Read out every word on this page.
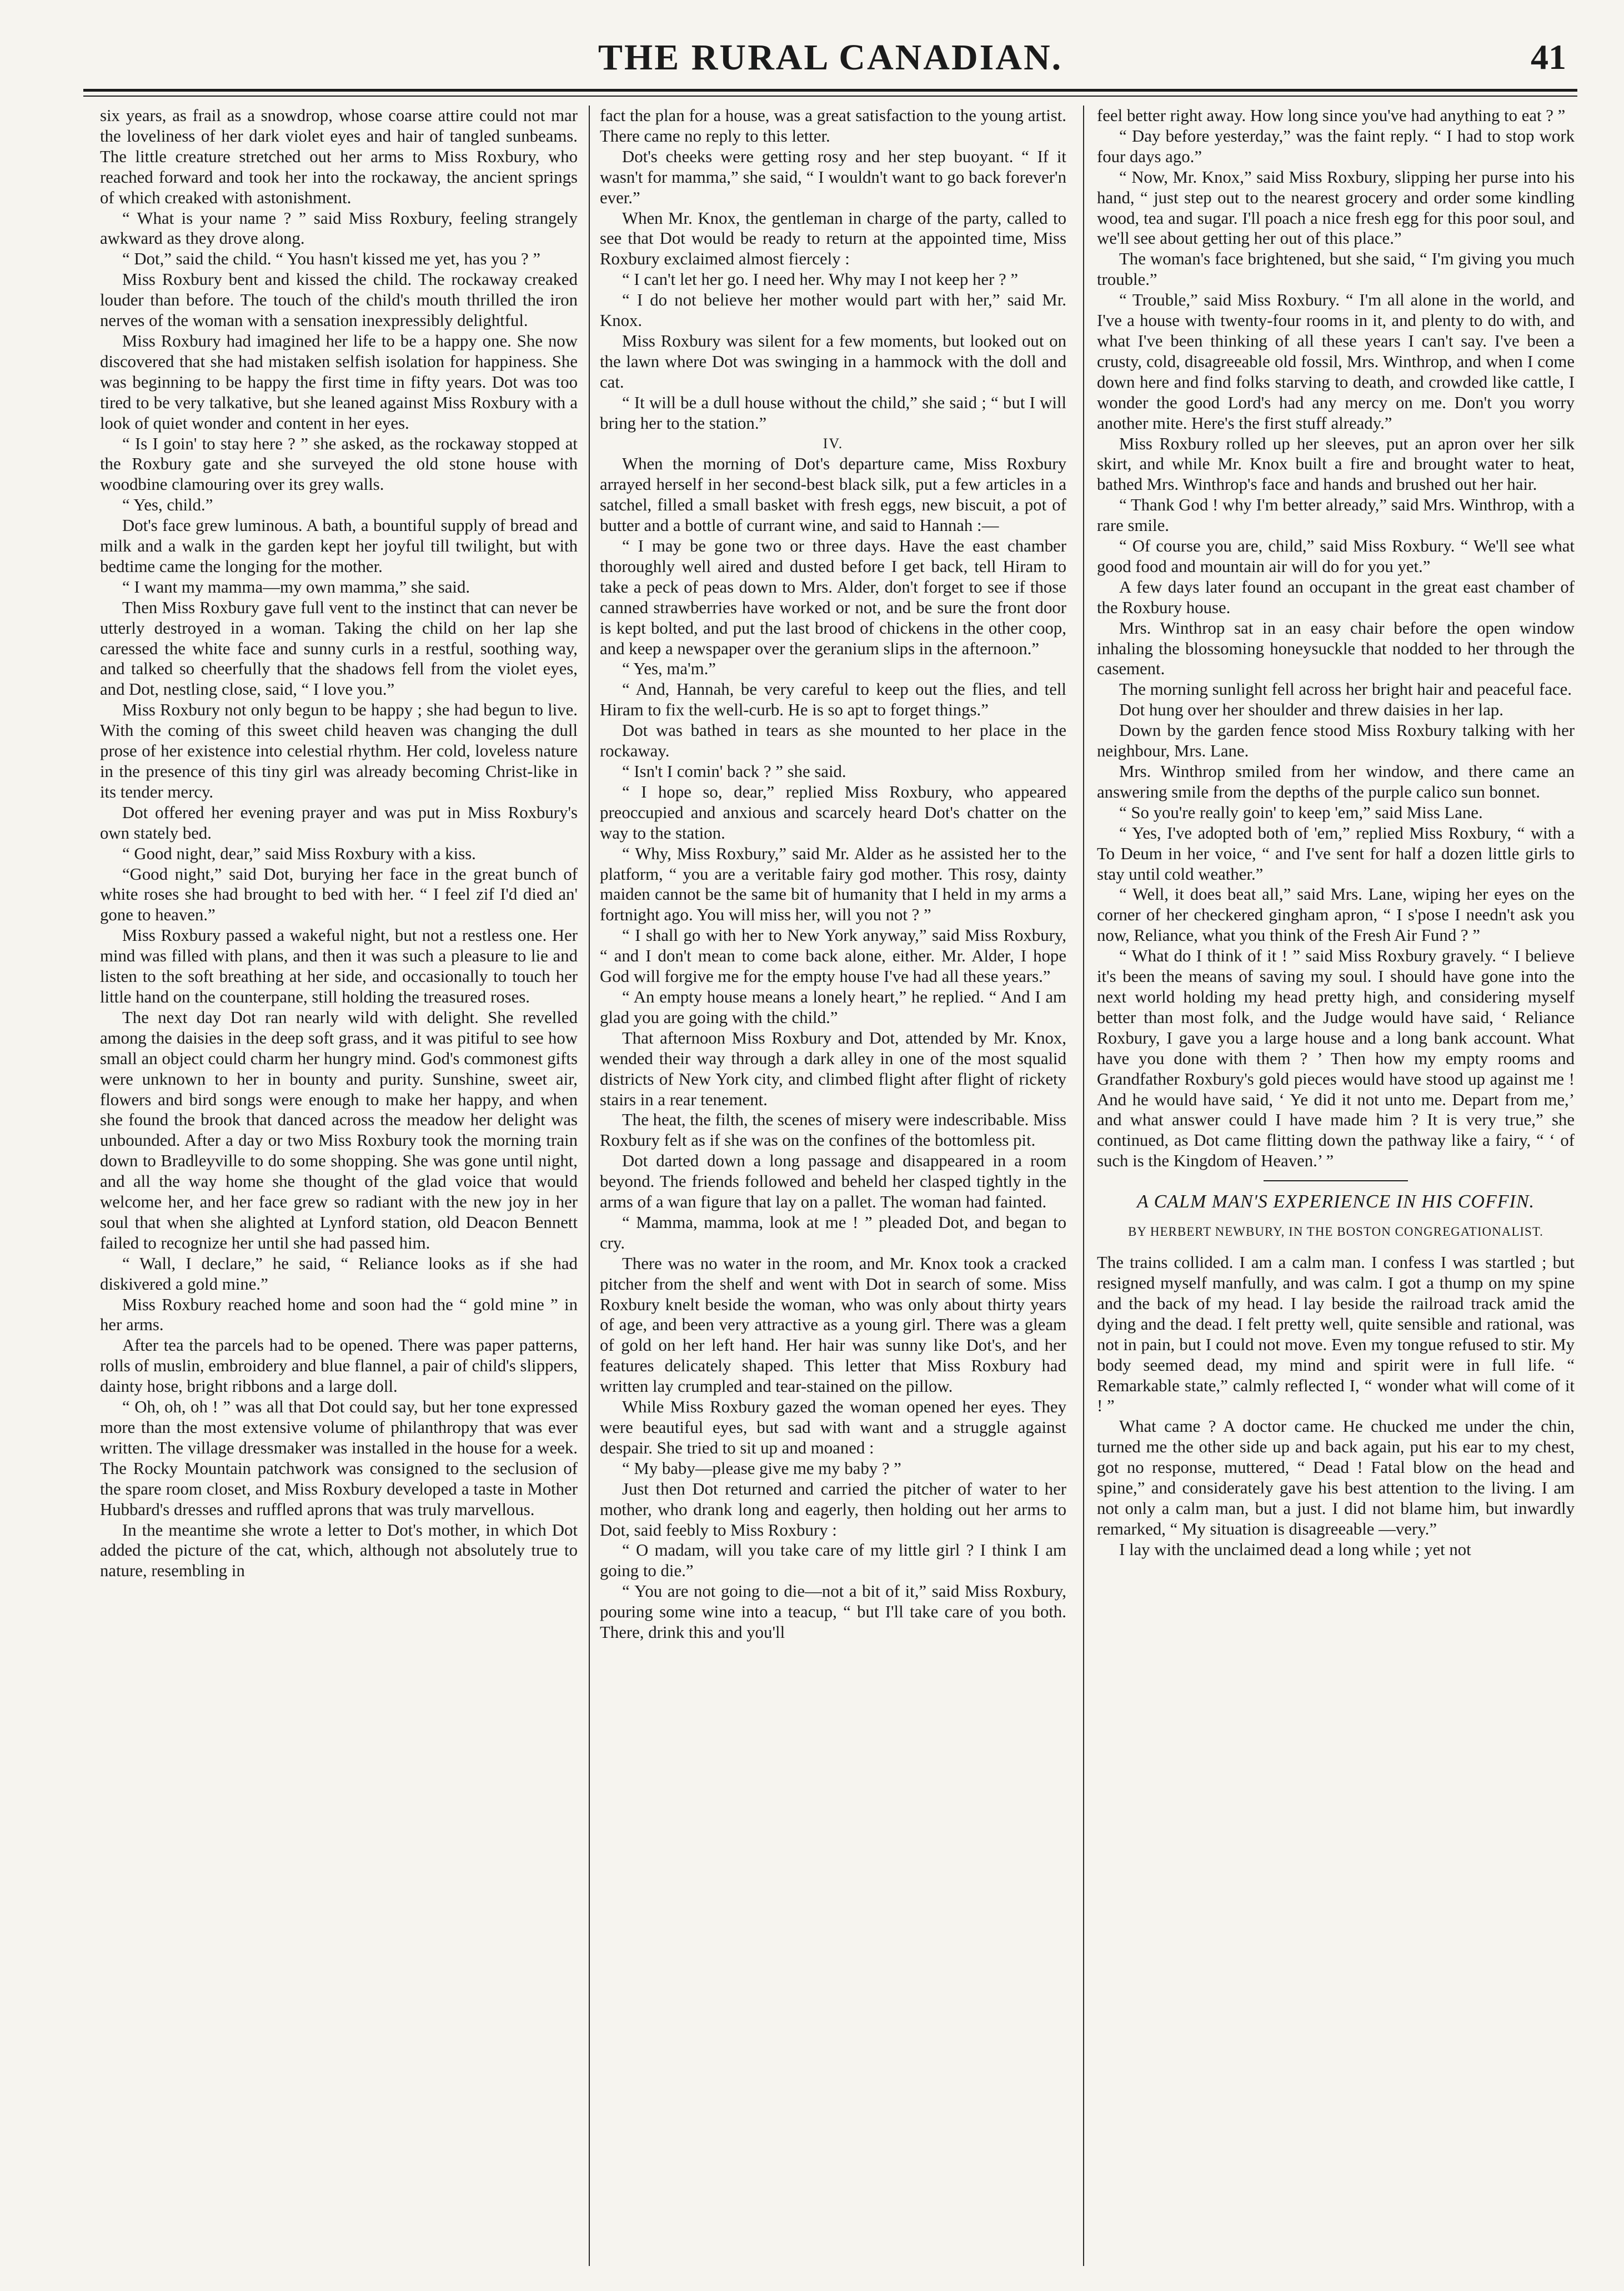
THE RURAL CANADIAN.	41

six years, as frail as a snowdrop, whose coarse attire could not mar the loveliness of her dark violet eyes and hair of tangled sunbeams. The little creature stretched out her arms to Miss Roxbury, who reached forward and took her into the rockaway, the ancient springs of which creaked with astonishment.

“ What is your name ? ” said Miss Roxbury, feeling strangely awkward as they drove along.

“ Dot,” said the child. “ You hasn't kissed me yet, has you ? ”

Miss Roxbury bent and kissed the child. The rockaway creaked louder than before. The touch of the child's mouth thrilled the iron nerves of the woman with a sensation inexpressibly delightful.

Miss Roxbury had imagined her life to be a happy one. She now discovered that she had mistaken selfish isolation for happiness. She was beginning to be happy the first time in fifty years. Dot was too tired to be very talkative, but she leaned against Miss Roxbury with a look of quiet wonder and content in her eyes.

“ Is I goin' to stay here ? ” she asked, as the rockaway stopped at the Roxbury gate and she surveyed the old stone house with woodbine clamouring over its grey walls.

“ Yes, child.”

Dot's face grew luminous. A bath, a bountiful supply of bread and milk and a walk in the garden kept her joyful till twilight, but with bedtime came the longing for the mother.

“ I want my mamma—my own mamma,” she said.

Then Miss Roxbury gave full vent to the instinct that can never be utterly destroyed in a woman. Taking the child on her lap she caressed the white face and sunny curls in a restful, soothing way, and talked so cheerfully that the shadows fell from the violet eyes, and Dot, nestling close, said, “ I love you.”

Miss Roxbury not only begun to be happy ; she had begun to live. With the coming of this sweet child heaven was changing the dull prose of her existence into celestial rhythm. Her cold, loveless nature in the presence of this tiny girl was already becoming Christ-like in its tender mercy.

Dot offered her evening prayer and was put in Miss Roxbury's own stately bed.

“ Good night, dear,” said Miss Roxbury with a kiss.

“Good night,” said Dot, burying her face in the great bunch of white roses she had brought to bed with her. “ I feel zif I'd died an' gone to heaven.”

Miss Roxbury passed a wakeful night, but not a restless one. Her mind was filled with plans, and then it was such a pleasure to lie and listen to the soft breathing at her side, and occasionally to touch her little hand on the counterpane, still holding the treasured roses.

The next day Dot ran nearly wild with delight. She revelled among the daisies in the deep soft grass, and it was pitiful to see how small an object could charm her hungry mind. God's commonest gifts were unknown to her in bounty and purity. Sunshine, sweet air, flowers and bird songs were enough to make her happy, and when she found the brook that danced across the meadow her delight was unbounded. After a day or two Miss Roxbury took the morning train down to Bradleyville to do some shopping. She was gone until night, and all the way home she thought of the glad voice that would welcome her, and her face grew so radiant with the new joy in her soul that when she alighted at Lynford station, old Deacon Bennett failed to recognize her until she had passed him.

“ Wall, I declare,” he said, “ Reliance looks as if she had diskivered a gold mine.”

Miss Roxbury reached home and soon had the “ gold mine ” in her arms.

After tea the parcels had to be opened. There was paper patterns, rolls of muslin, embroidery and blue flannel, a pair of child's slippers, dainty hose, bright ribbons and a large doll.

“ Oh, oh, oh ! ” was all that Dot could say, but her tone expressed more than the most extensive volume of philanthropy that was ever written. The village dressmaker was installed in the house for a week. The Rocky Mountain patchwork was consigned to the seclusion of the spare room closet, and Miss Roxbury developed a taste in Mother Hubbard's dresses and ruffled aprons that was truly marvellous.

In the meantime she wrote a letter to Dot's mother, in which Dot added the picture of the cat, which, although not absolutely true to nature, resembling in

fact the plan for a house, was a great satisfaction to the young artist. There came no reply to this letter.

Dot's cheeks were getting rosy and her step buoyant. “ If it wasn't for mamma,” she said, “ I wouldn't want to go back forever'n ever.”

When Mr. Knox, the gentleman in charge of the party, called to see that Dot would be ready to return at the appointed time, Miss Roxbury exclaimed almost fiercely :

“ I can't let her go. I need her. Why may I not keep her ? ”

“ I do not believe her mother would part with her,” said Mr. Knox.

Miss Roxbury was silent for a few moments, but looked out on the lawn where Dot was swinging in a hammock with the doll and cat.

“ It will be a dull house without the child,” she said ; “ but I will bring her to the station.”

IV.

When the morning of Dot's departure came, Miss Roxbury arrayed herself in her second-best black silk, put a few articles in a satchel, filled a small basket with fresh eggs, new biscuit, a pot of butter and a bottle of currant wine, and said to Hannah :—

“ I may be gone two or three days. Have the east chamber thoroughly well aired and dusted before I get back, tell Hiram to take a peck of peas down to Mrs. Alder, don't forget to see if those canned strawberries have worked or not, and be sure the front door is kept bolted, and put the last brood of chickens in the other coop, and keep a newspaper over the geranium slips in the afternoon.”

“ Yes, ma'm.”

“ And, Hannah, be very careful to keep out the flies, and tell Hiram to fix the well-curb. He is so apt to forget things.”

Dot was bathed in tears as she mounted to her place in the rockaway.

“ Isn't I comin' back ? ” she said.

“ I hope so, dear,” replied Miss Roxbury, who appeared preoccupied and anxious and scarcely heard Dot's chatter on the way to the station.

“ Why, Miss Roxbury,” said Mr. Alder as he assisted her to the platform, “ you are a veritable fairy god mother. This rosy, dainty maiden cannot be the same bit of humanity that I held in my arms a fortnight ago. You will miss her, will you not ? ”

“ I shall go with her to New York anyway,” said Miss Roxbury, “ and I don't mean to come back alone, either. Mr. Alder, I hope God will forgive me for the empty house I've had all these years.”

“ An empty house means a lonely heart,” he replied. “ And I am glad you are going with the child.”

That afternoon Miss Roxbury and Dot, attended by Mr. Knox, wended their way through a dark alley in one of the most squalid districts of New York city, and climbed flight after flight of rickety stairs in a rear tenement.

The heat, the filth, the scenes of misery were indescribable. Miss Roxbury felt as if she was on the confines of the bottomless pit.

Dot darted down a long passage and disappeared in a room beyond. The friends followed and beheld her clasped tightly in the arms of a wan figure that lay on a pallet. The woman had fainted.

“ Mamma, mamma, look at me ! ” pleaded Dot, and began to cry.

There was no water in the room, and Mr. Knox took a cracked pitcher from the shelf and went with Dot in search of some. Miss Roxbury knelt beside the woman, who was only about thirty years of age, and been very attractive as a young girl. There was a gleam of gold on her left hand. Her hair was sunny like Dot's, and her features delicately shaped. This letter that Miss Roxbury had written lay crumpled and tear-stained on the pillow.

While Miss Roxbury gazed the woman opened her eyes. They were beautiful eyes, but sad with want and a struggle against despair. She tried to sit up and moaned :

“ My baby—please give me my baby ? ”

Just then Dot returned and carried the pitcher of water to her mother, who drank long and eagerly, then holding out her arms to Dot, said feebly to Miss Roxbury :

“ O madam, will you take care of my little girl ? I think I am going to die.”

“ You are not going to die—not a bit of it,” said Miss Roxbury, pouring some wine into a teacup, “ but I'll take care of you both. There, drink this and you'll

feel better right away. How long since you've had anything to eat ? ”

“ Day before yesterday,” was the faint reply. “ I had to stop work four days ago.”

“ Now, Mr. Knox,” said Miss Roxbury, slipping her purse into his hand, “ just step out to the nearest grocery and order some kindling wood, tea and sugar. I'll poach a nice fresh egg for this poor soul, and we'll see about getting her out of this place.”

The woman's face brightened, but she said, “ I'm giving you much trouble.”

“ Trouble,” said Miss Roxbury. “ I'm all alone in the world, and I've a house with twenty-four rooms in it, and plenty to do with, and what I've been thinking of all these years I can't say. I've been a crusty, cold, disagreeable old fossil, Mrs. Winthrop, and when I come down here and find folks starving to death, and crowded like cattle, I wonder the good Lord's had any mercy on me. Don't you worry another mite. Here's the first stuff already.”

Miss Roxbury rolled up her sleeves, put an apron over her silk skirt, and while Mr. Knox built a fire and brought water to heat, bathed Mrs. Winthrop's face and hands and brushed out her hair.

“ Thank God ! why I'm better already,” said Mrs. Winthrop, with a rare smile.

“ Of course you are, child,” said Miss Roxbury. “ We'll see what good food and mountain air will do for you yet.”

A few days later found an occupant in the great east chamber of the Roxbury house.

Mrs. Winthrop sat in an easy chair before the open window inhaling the blossoming honeysuckle that nodded to her through the casement.

The morning sunlight fell across her bright hair and peaceful face.

Dot hung over her shoulder and threw daisies in her lap.

Down by the garden fence stood Miss Roxbury talking with her neighbour, Mrs. Lane.

Mrs. Winthrop smiled from her window, and there came an answering smile from the depths of the purple calico sun bonnet.

“ So you're really goin' to keep 'em,” said Miss Lane.

“ Yes, I've adopted both of 'em,” replied Miss Roxbury, “ with a To Deum in her voice, “ and I've sent for half a dozen little girls to stay until cold weather.”

“ Well, it does beat all,” said Mrs. Lane, wiping her eyes on the corner of her checkered gingham apron, “ I s'pose I needn't ask you now, Reliance, what you think of the Fresh Air Fund ? ”

“ What do I think of it ! ” said Miss Roxbury gravely. “ I believe it's been the means of saving my soul. I should have gone into the next world holding my head pretty high, and considering myself better than most folk, and the Judge would have said, ‘ Reliance Roxbury, I gave you a large house and a long bank account. What have you done with them ? ’ Then how my empty rooms and Grandfather Roxbury's gold pieces would have stood up against me ! And he would have said, ‘ Ye did it not unto me. Depart from me,’ and what answer could I have made him ? It is very true,” she continued, as Dot came flitting down the pathway like a fairy, “ ‘ of such is the Kingdom of Heaven.’ ”

A CALM MAN'S EXPERIENCE IN HIS COFFIN.

BY HERBERT NEWBURY, IN THE BOSTON CONGREGATIONALIST.

The trains collided. I am a calm man. I confess I was startled ; but resigned myself manfully, and was calm. I got a thump on my spine and the back of my head. I lay beside the railroad track amid the dying and the dead. I felt pretty well, quite sensible and rational, was not in pain, but I could not move. Even my tongue refused to stir. My body seemed dead, my mind and spirit were in full life. “ Remarkable state,” calmly reflected I, “ wonder what will come of it ! ”

What came ? A doctor came. He chucked me under the chin, turned me the other side up and back again, put his ear to my chest, got no response, muttered, “ Dead ! Fatal blow on the head and spine,” and considerately gave his best attention to the living. I am not only a calm man, but a just. I did not blame him, but inwardly remarked, “ My situation is disagreeable —very.”

I lay with the unclaimed dead a long while ; yet not
